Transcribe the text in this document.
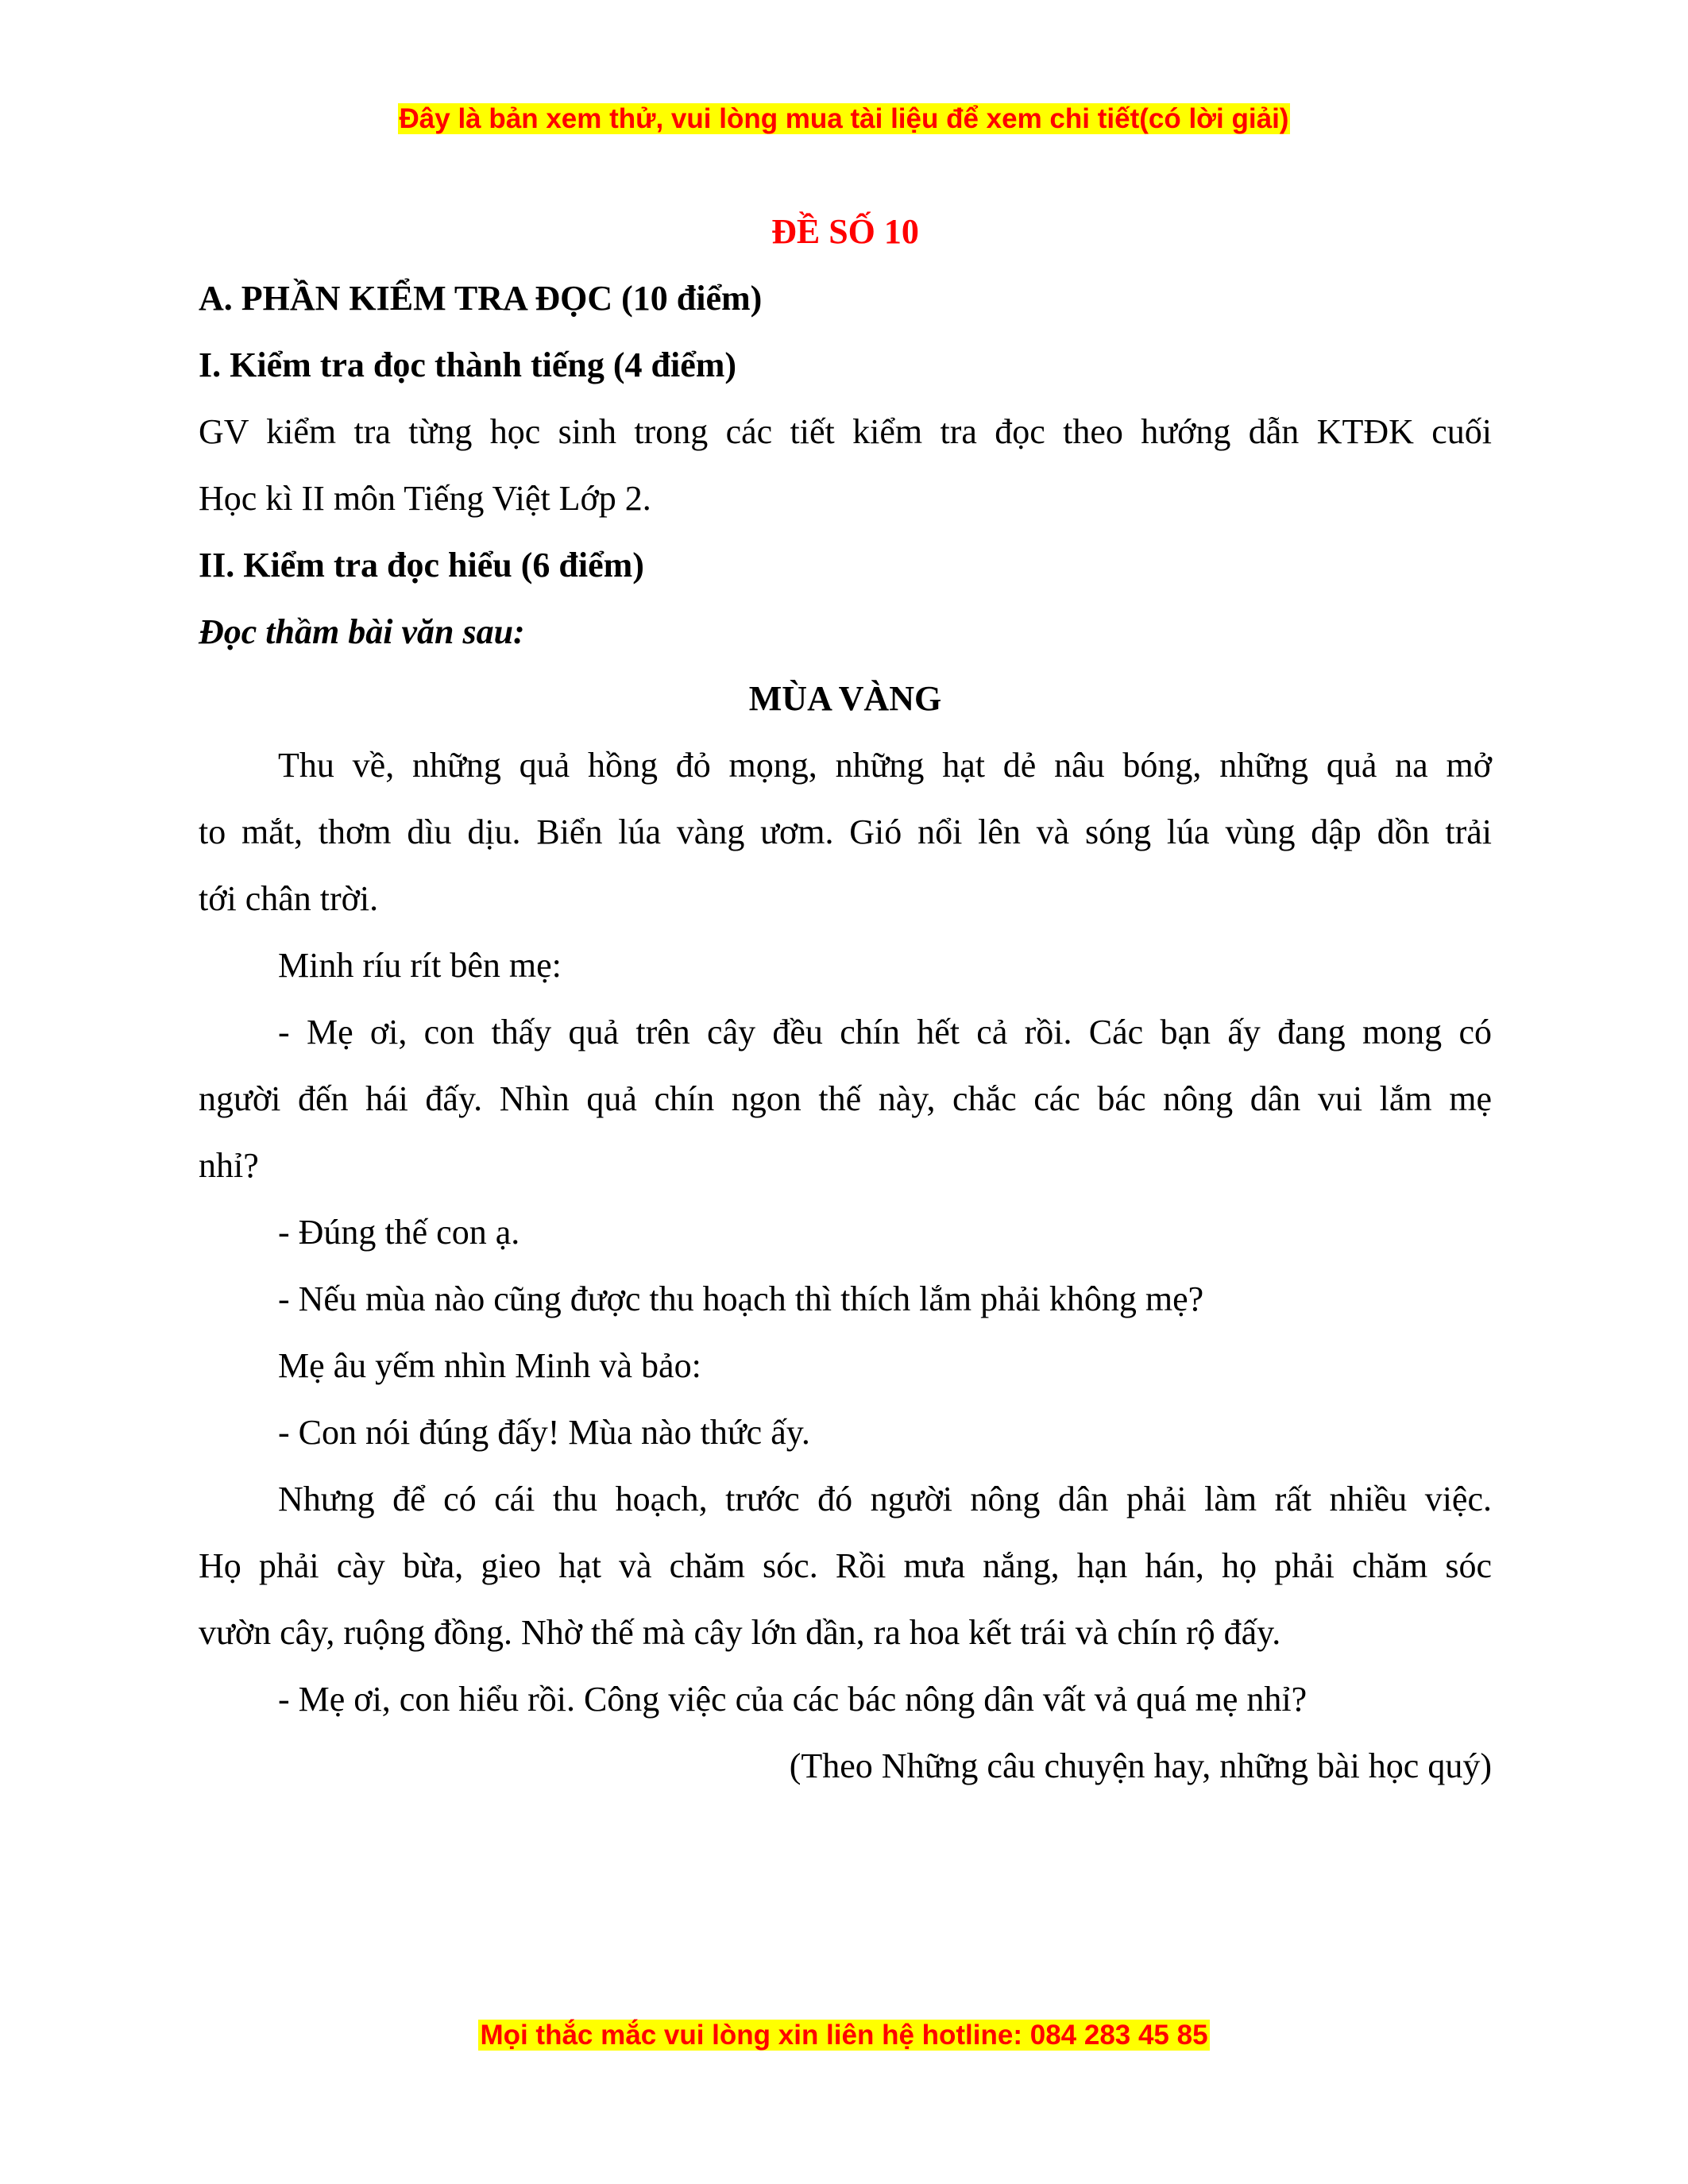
Đây là bản xem thử, vui lòng mua tài liệu để xem chi tiết(có lời giải)
ĐỀ SỐ 10
A. PHẦN KIỂM TRA ĐỌC (10 điểm)
I. Kiểm tra đọc thành tiếng (4 điểm)
GV kiểm tra từng học sinh trong các tiết kiểm tra đọc theo hướng dẫn KTĐK cuối
Học kì II môn Tiếng Việt Lớp 2.
II. Kiểm tra đọc hiểu (6 điểm)
Đọc thầm bài văn sau:
MÙA VÀNG
Thu về, những quả hồng đỏ mọng, những hạt dẻ nâu bóng, những quả na mở
to mắt, thơm dìu dịu. Biển lúa vàng ươm. Gió nổi lên và sóng lúa vùng dập dồn trải
tới chân trời.
Minh ríu rít bên mẹ:
- Mẹ ơi, con thấy quả trên cây đều chín hết cả rồi. Các bạn ấy đang mong có
người đến hái đấy. Nhìn quả chín ngon thế này, chắc các bác nông dân vui lắm mẹ
nhỉ?
- Đúng thế con ạ.
- Nếu mùa nào cũng được thu hoạch thì thích lắm phải không mẹ?
Mẹ âu yếm nhìn Minh và bảo:
- Con nói đúng đấy! Mùa nào thức ấy.
Nhưng để có cái thu hoạch, trước đó người nông dân phải làm rất nhiều việc.
Họ phải cày bừa, gieo hạt và chăm sóc. Rồi mưa nắng, hạn hán, họ phải chăm sóc
vườn cây, ruộng đồng. Nhờ thế mà cây lớn dần, ra hoa kết trái và chín rộ đấy.
- Mẹ ơi, con hiểu rồi. Công việc của các bác nông dân vất vả quá mẹ nhỉ?
(Theo Những câu chuyện hay, những bài học quý)
Mọi thắc mắc vui lòng xin liên hệ hotline: 084 283 45 85
